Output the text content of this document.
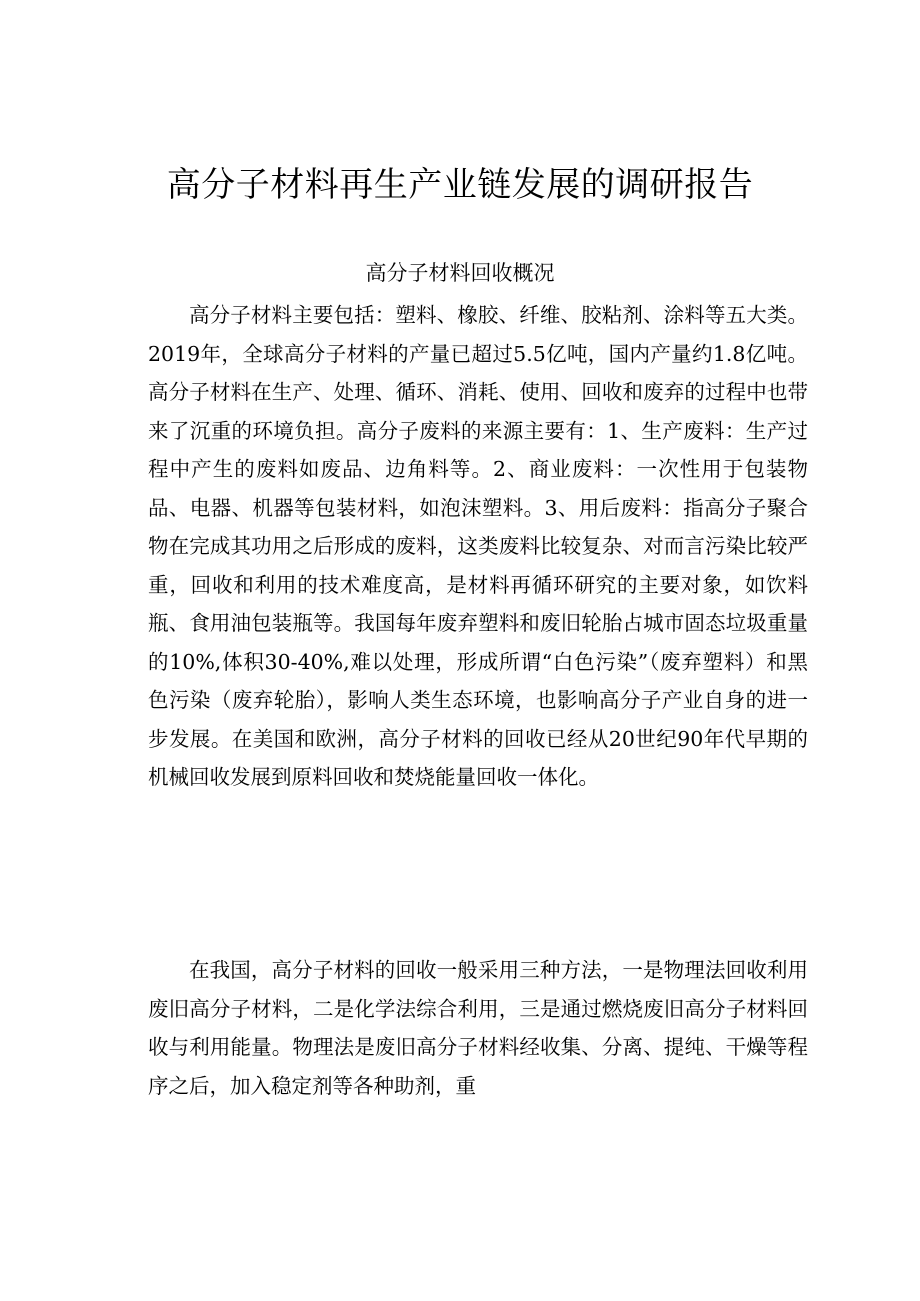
高分子材料再生产业链发展的调研报告
高分子材料回收概况

高分子材料主要包括：塑料、橡胶、纤维、胶粘剂、涂料等五大类。2019年，全球高分子材料的产量已超过5.5亿吨，国内产量约1.8亿吨。高分子材料在生产、处理、循环、消耗、使用、回收和废弃的过程中也带来了沉重的环境负担。高分子废料的来源主要有：1、生产废料：生产过程中产生的废料如废品、边角料等。2、商业废料：一次性用于包装物品、电器、机器等包装材料，如泡沫塑料。3、用后废料：指高分子聚合物在完成其功用之后形成的废料，这类废料比较复杂、对而言污染比较严重，回收和利用的技术难度高，是材料再循环研究的主要对象，如饮料瓶、食用油包装瓶等。我国每年废弃塑料和废旧轮胎占城市固态垃圾重量的10%,体积30-40%,难以处理，形成所谓“白色污染”（废弃塑料）和黑色污染（废弃轮胎），影响人类生态环境，也影响高分子产业自身的进一步发展。在美国和欧洲，高分子材料的回收已经从20世纪90年代早期的机械回收发展到原料回收和焚烧能量回收一体化。

在我国，高分子材料的回收一般采用三种方法，一是物理法回收利用废旧高分子材料，二是化学法综合利用，三是通过燃烧废旧高分子材料回收与利用能量。物理法是废旧高分子材料经收集、分离、提纯、干燥等程序之后，加入稳定剂等各种助剂，重
